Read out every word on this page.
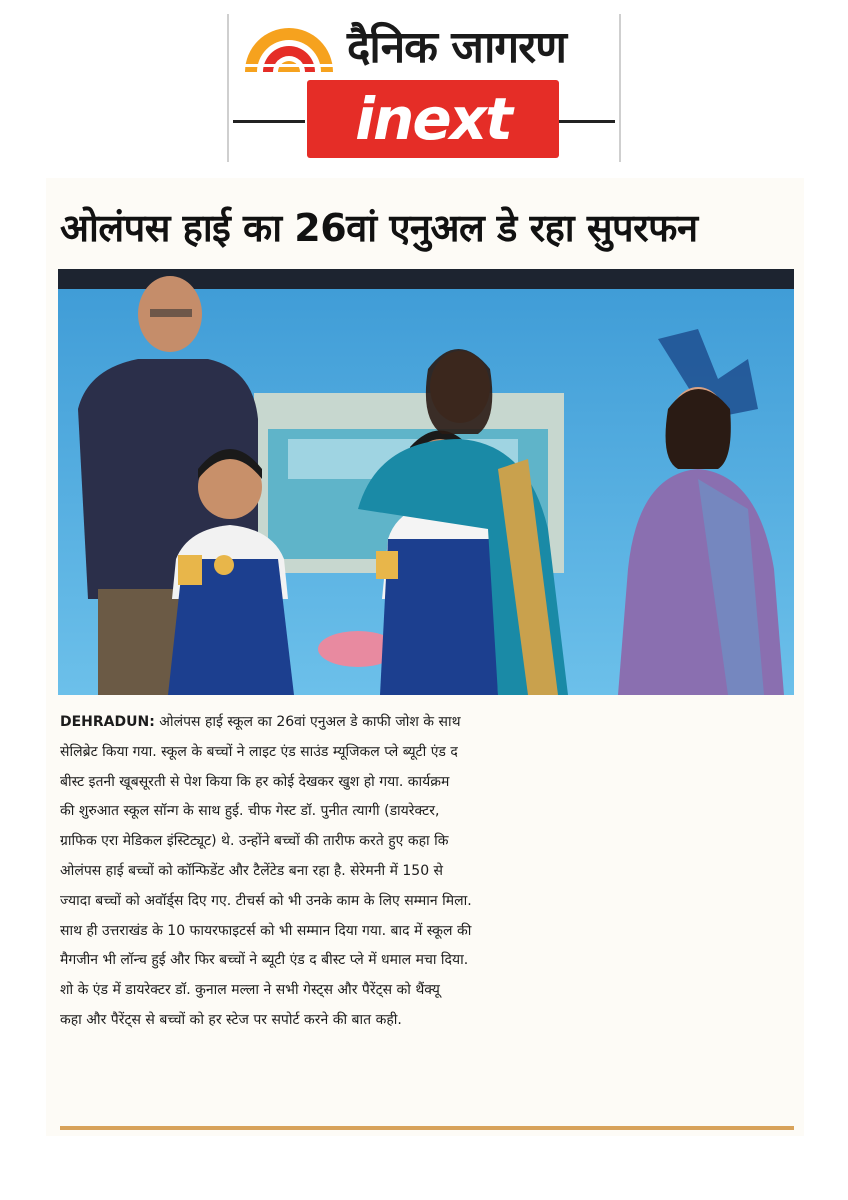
दैनिक जागरण
inext
ओलंपस हाई का 26वां एनुअल डे रहा सुपरफन

DEHRADUN: ओलंपस हाई स्कूल का 26वां एनुअल डे काफी जोश के साथ

सेलिब्रेट किया गया. स्कूल के बच्चों ने लाइट एंड साउंड म्यूजिकल प्ले ब्यूटी एंड द

बीस्ट इतनी खूबसूरती से पेश किया कि हर कोई देखकर खुश हो गया. कार्यक्रम

की शुरुआत स्कूल सॉन्ग के साथ हुई. चीफ गेस्ट डॉ. पुनीत त्यागी (डायरेक्टर,

ग्राफिक एरा मेडिकल इंस्टिट्यूट) थे. उन्होंने बच्चों की तारीफ करते हुए कहा कि

ओलंपस हाई बच्चों को कॉन्फिडेंट और टैलेंटेड बना रहा है. सेरेमनी में 150 से

ज्यादा बच्चों को अवॉर्ड्स दिए गए. टीचर्स को भी उनके काम के लिए सम्मान मिला.

साथ ही उत्तराखंड के 10 फायरफाइटर्स को भी सम्मान दिया गया. बाद में स्कूल की

मैगजीन भी लॉन्च हुई और फिर बच्चों ने ब्यूटी एंड द बीस्ट प्ले में धमाल मचा दिया.

शो के एंड में डायरेक्टर डॉ. कुनाल मल्ला ने सभी गेस्ट्स और पैरेंट्स को थैंक्यू

कहा और पैरेंट्स से बच्चों को हर स्टेज पर सपोर्ट करने की बात कही.
